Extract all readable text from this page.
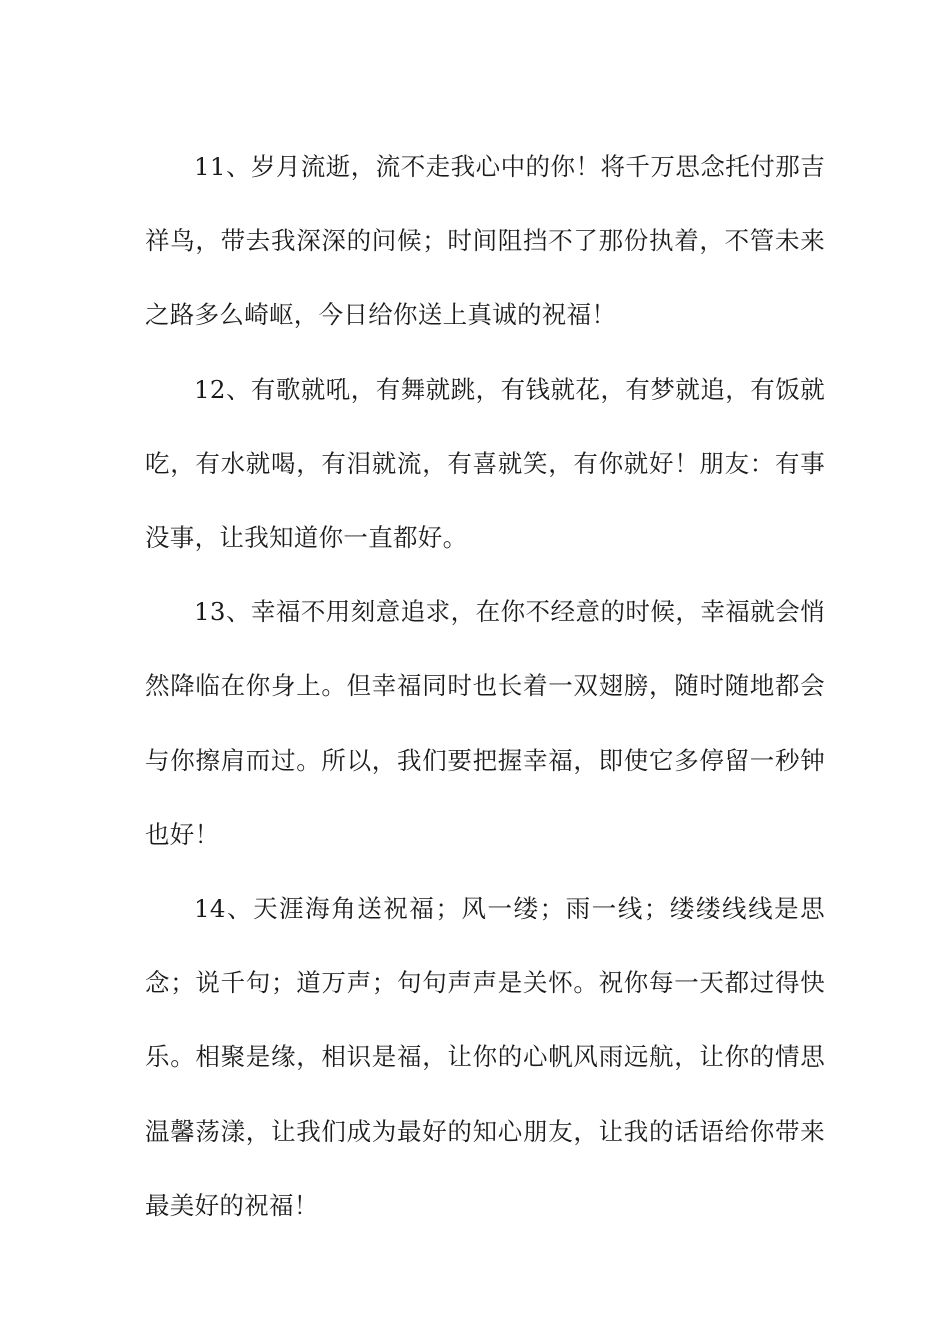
11、岁月流逝，流不走我心中的你！将千万思念托付那吉祥鸟，带去我深深的问候；时间阻挡不了那份执着，不管未来之路多么崎岖，今日给你送上真诚的祝福！

12、有歌就吼，有舞就跳，有钱就花，有梦就追，有饭就吃，有水就喝，有泪就流，有喜就笑，有你就好！朋友：有事没事，让我知道你一直都好。

13、幸福不用刻意追求，在你不经意的时候，幸福就会悄然降临在你身上。但幸福同时也长着一双翅膀，随时随地都会与你擦肩而过。所以，我们要把握幸福，即使它多停留一秒钟也好！

14、天涯海角送祝福；风一缕；雨一线；缕缕线线是思念；说千句；道万声；句句声声是关怀。祝你每一天都过得快乐。相聚是缘，相识是福，让你的心帆风雨远航，让你的情思温馨荡漾，让我们成为最好的知心朋友，让我的话语给你带来最美好的祝福！
